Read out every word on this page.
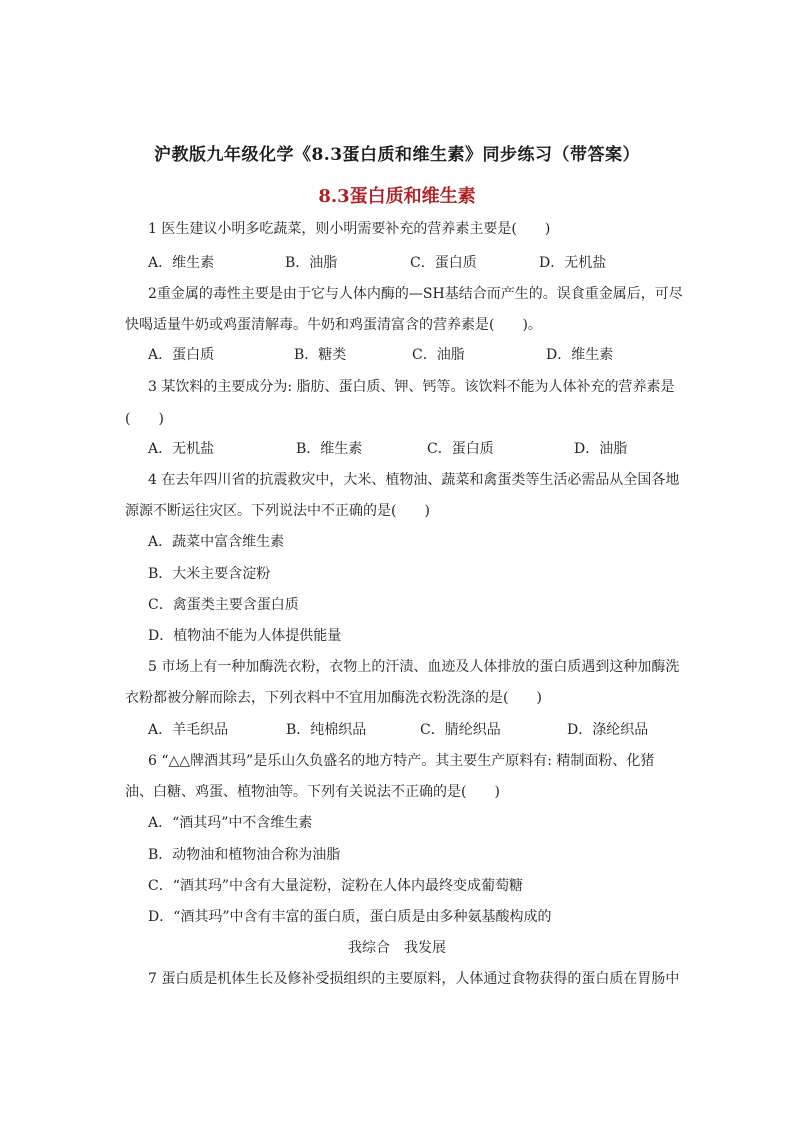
沪教版九年级化学《8.3蛋白质和维生素》同步练习（带答案）
8.3蛋白质和维生素
1 医生建议小明多吃蔬菜，则小明需要补充的营养素主要是(　　)
A．维生素	B．油脂	C．蛋白质	D．无机盐
2重金属的毒性主要是由于它与人体内酶的—SH基结合而产生的。误食重金属后，可尽
快喝适量牛奶或鸡蛋清解毒。牛奶和鸡蛋清富含的营养素是(　　)。
A．蛋白质	B．糖类	C．油脂	D．维生素
3 某饮料的主要成分为: 脂肪、蛋白质、钾、钙等。该饮料不能为人体补充的营养素是
(　　)
A．无机盐	B．维生素	C．蛋白质	D．油脂
4 在去年四川省的抗震救灾中，大米、植物油、蔬菜和禽蛋类等生活必需品从全国各地
源源不断运往灾区。下列说法中不正确的是(　　)
A．蔬菜中富含维生素
B．大米主要含淀粉
C．禽蛋类主要含蛋白质
D．植物油不能为人体提供能量
5 市场上有一种加酶洗衣粉，衣物上的汗渍、血迹及人体排放的蛋白质遇到这种加酶洗
衣粉都被分解而除去，下列衣料中不宜用加酶洗衣粉洗涤的是(　　)
A．羊毛织品	B．纯棉织品	C．腈纶织品	D．涤纶织品
6 “△△牌酒其玛”是乐山久负盛名的地方特产。其主要生产原料有: 精制面粉、化猪
油、白糖、鸡蛋、植物油等。下列有关说法不正确的是(　　)
A．“酒其玛”中不含维生素
B．动物油和植物油合称为油脂
C．“酒其玛”中含有大量淀粉，淀粉在人体内最终变成葡萄糖
D．“酒其玛”中含有丰富的蛋白质，蛋白质是由多种氨基酸构成的
我综合　我发展
7 蛋白质是机体生长及修补受损组织的主要原料，人体通过食物获得的蛋白质在胃肠中
